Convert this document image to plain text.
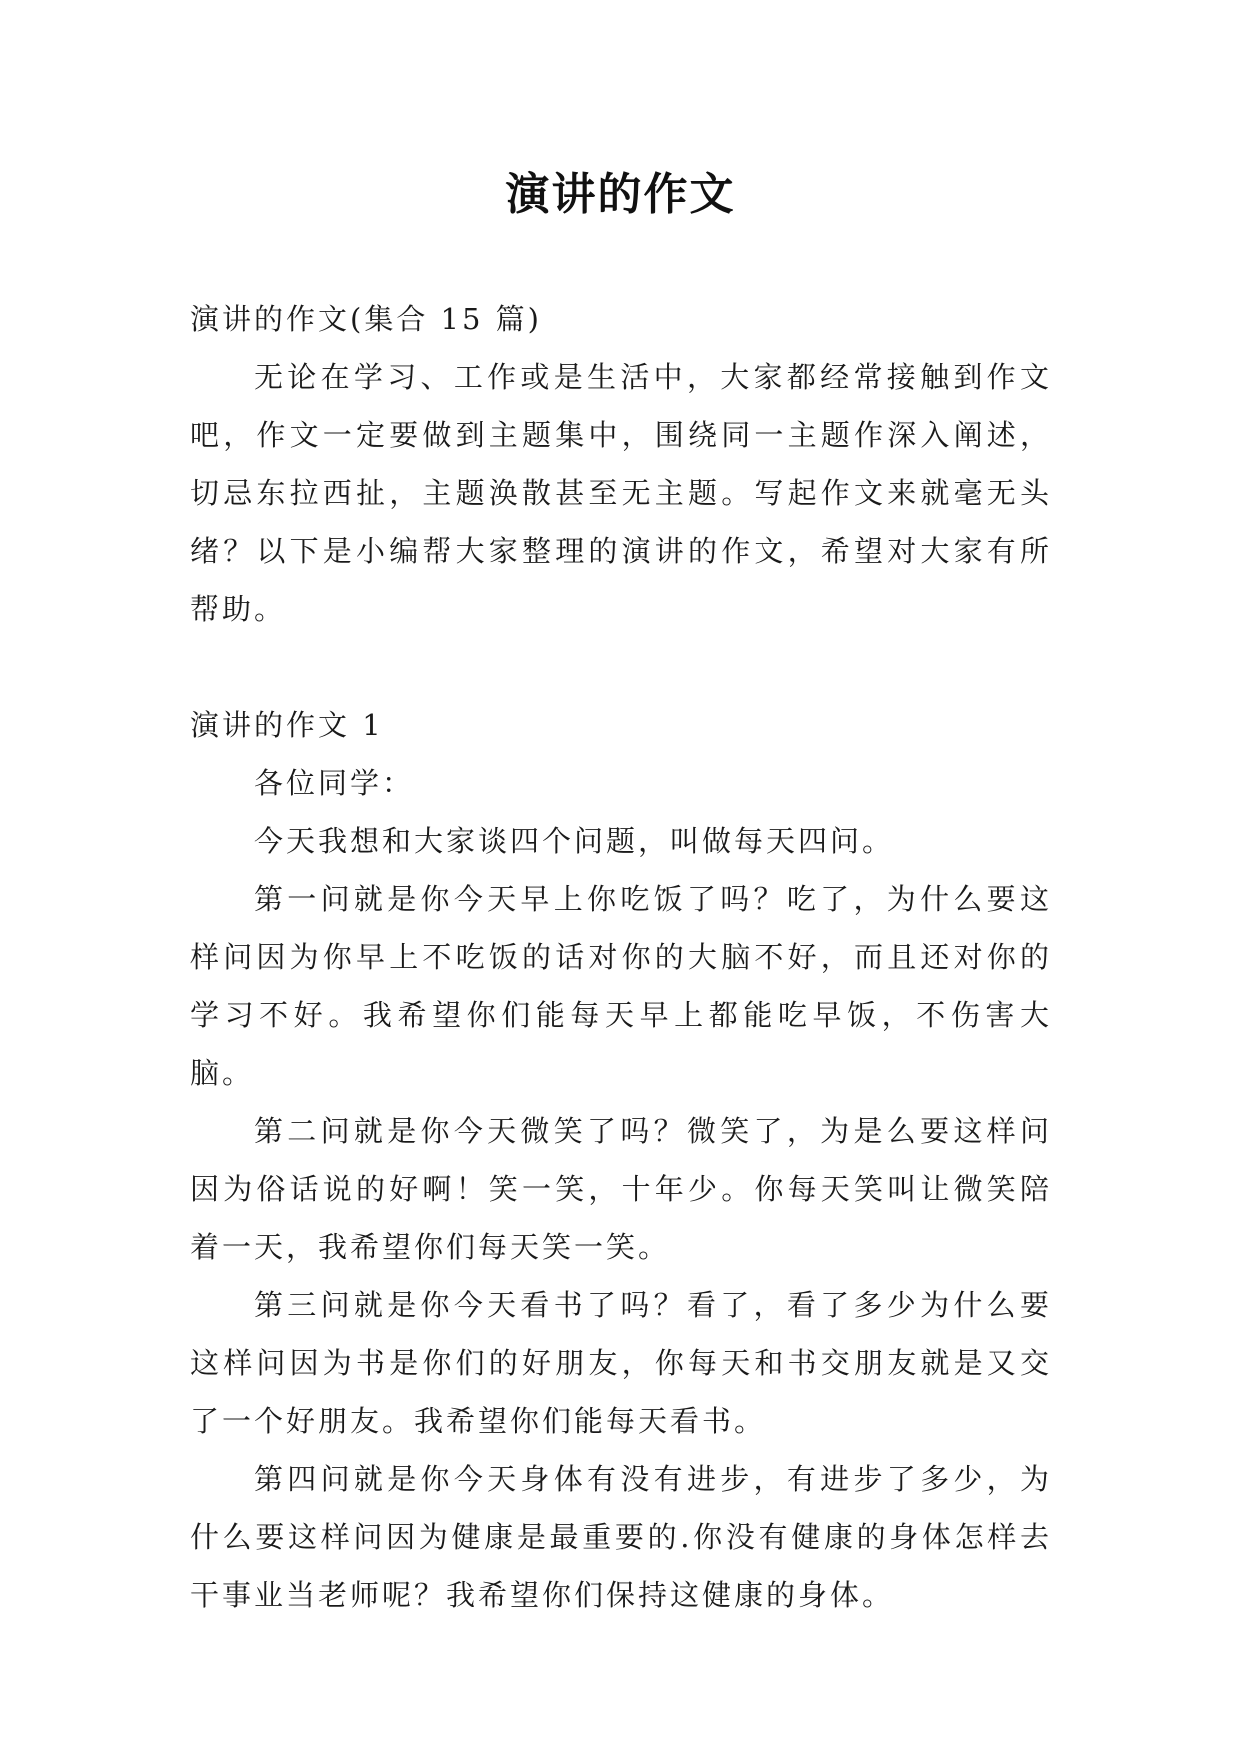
演讲的作文

演讲的作文(集合 15 篇)

无论在学习、工作或是生活中，大家都经常接触到作文吧，作文一定要做到主题集中，围绕同一主题作深入阐述，切忌东拉西扯，主题涣散甚至无主题。写起作文来就毫无头绪？以下是小编帮大家整理的演讲的作文，希望对大家有所帮助。

演讲的作文 1

各位同学：

今天我想和大家谈四个问题，叫做每天四问。

第一问就是你今天早上你吃饭了吗？吃了，为什么要这样问因为你早上不吃饭的话对你的大脑不好，而且还对你的学习不好。我希望你们能每天早上都能吃早饭，不伤害大脑。

第二问就是你今天微笑了吗？微笑了，为是么要这样问因为俗话说的好啊！笑一笑，十年少。你每天笑叫让微笑陪着一天，我希望你们每天笑一笑。

第三问就是你今天看书了吗？看了，看了多少为什么要这样问因为书是你们的好朋友，你每天和书交朋友就是又交了一个好朋友。我希望你们能每天看书。

第四问就是你今天身体有没有进步，有进步了多少，为什么要这样问因为健康是最重要的.你没有健康的身体怎样去干事业当老师呢？我希望你们保持这健康的身体。
